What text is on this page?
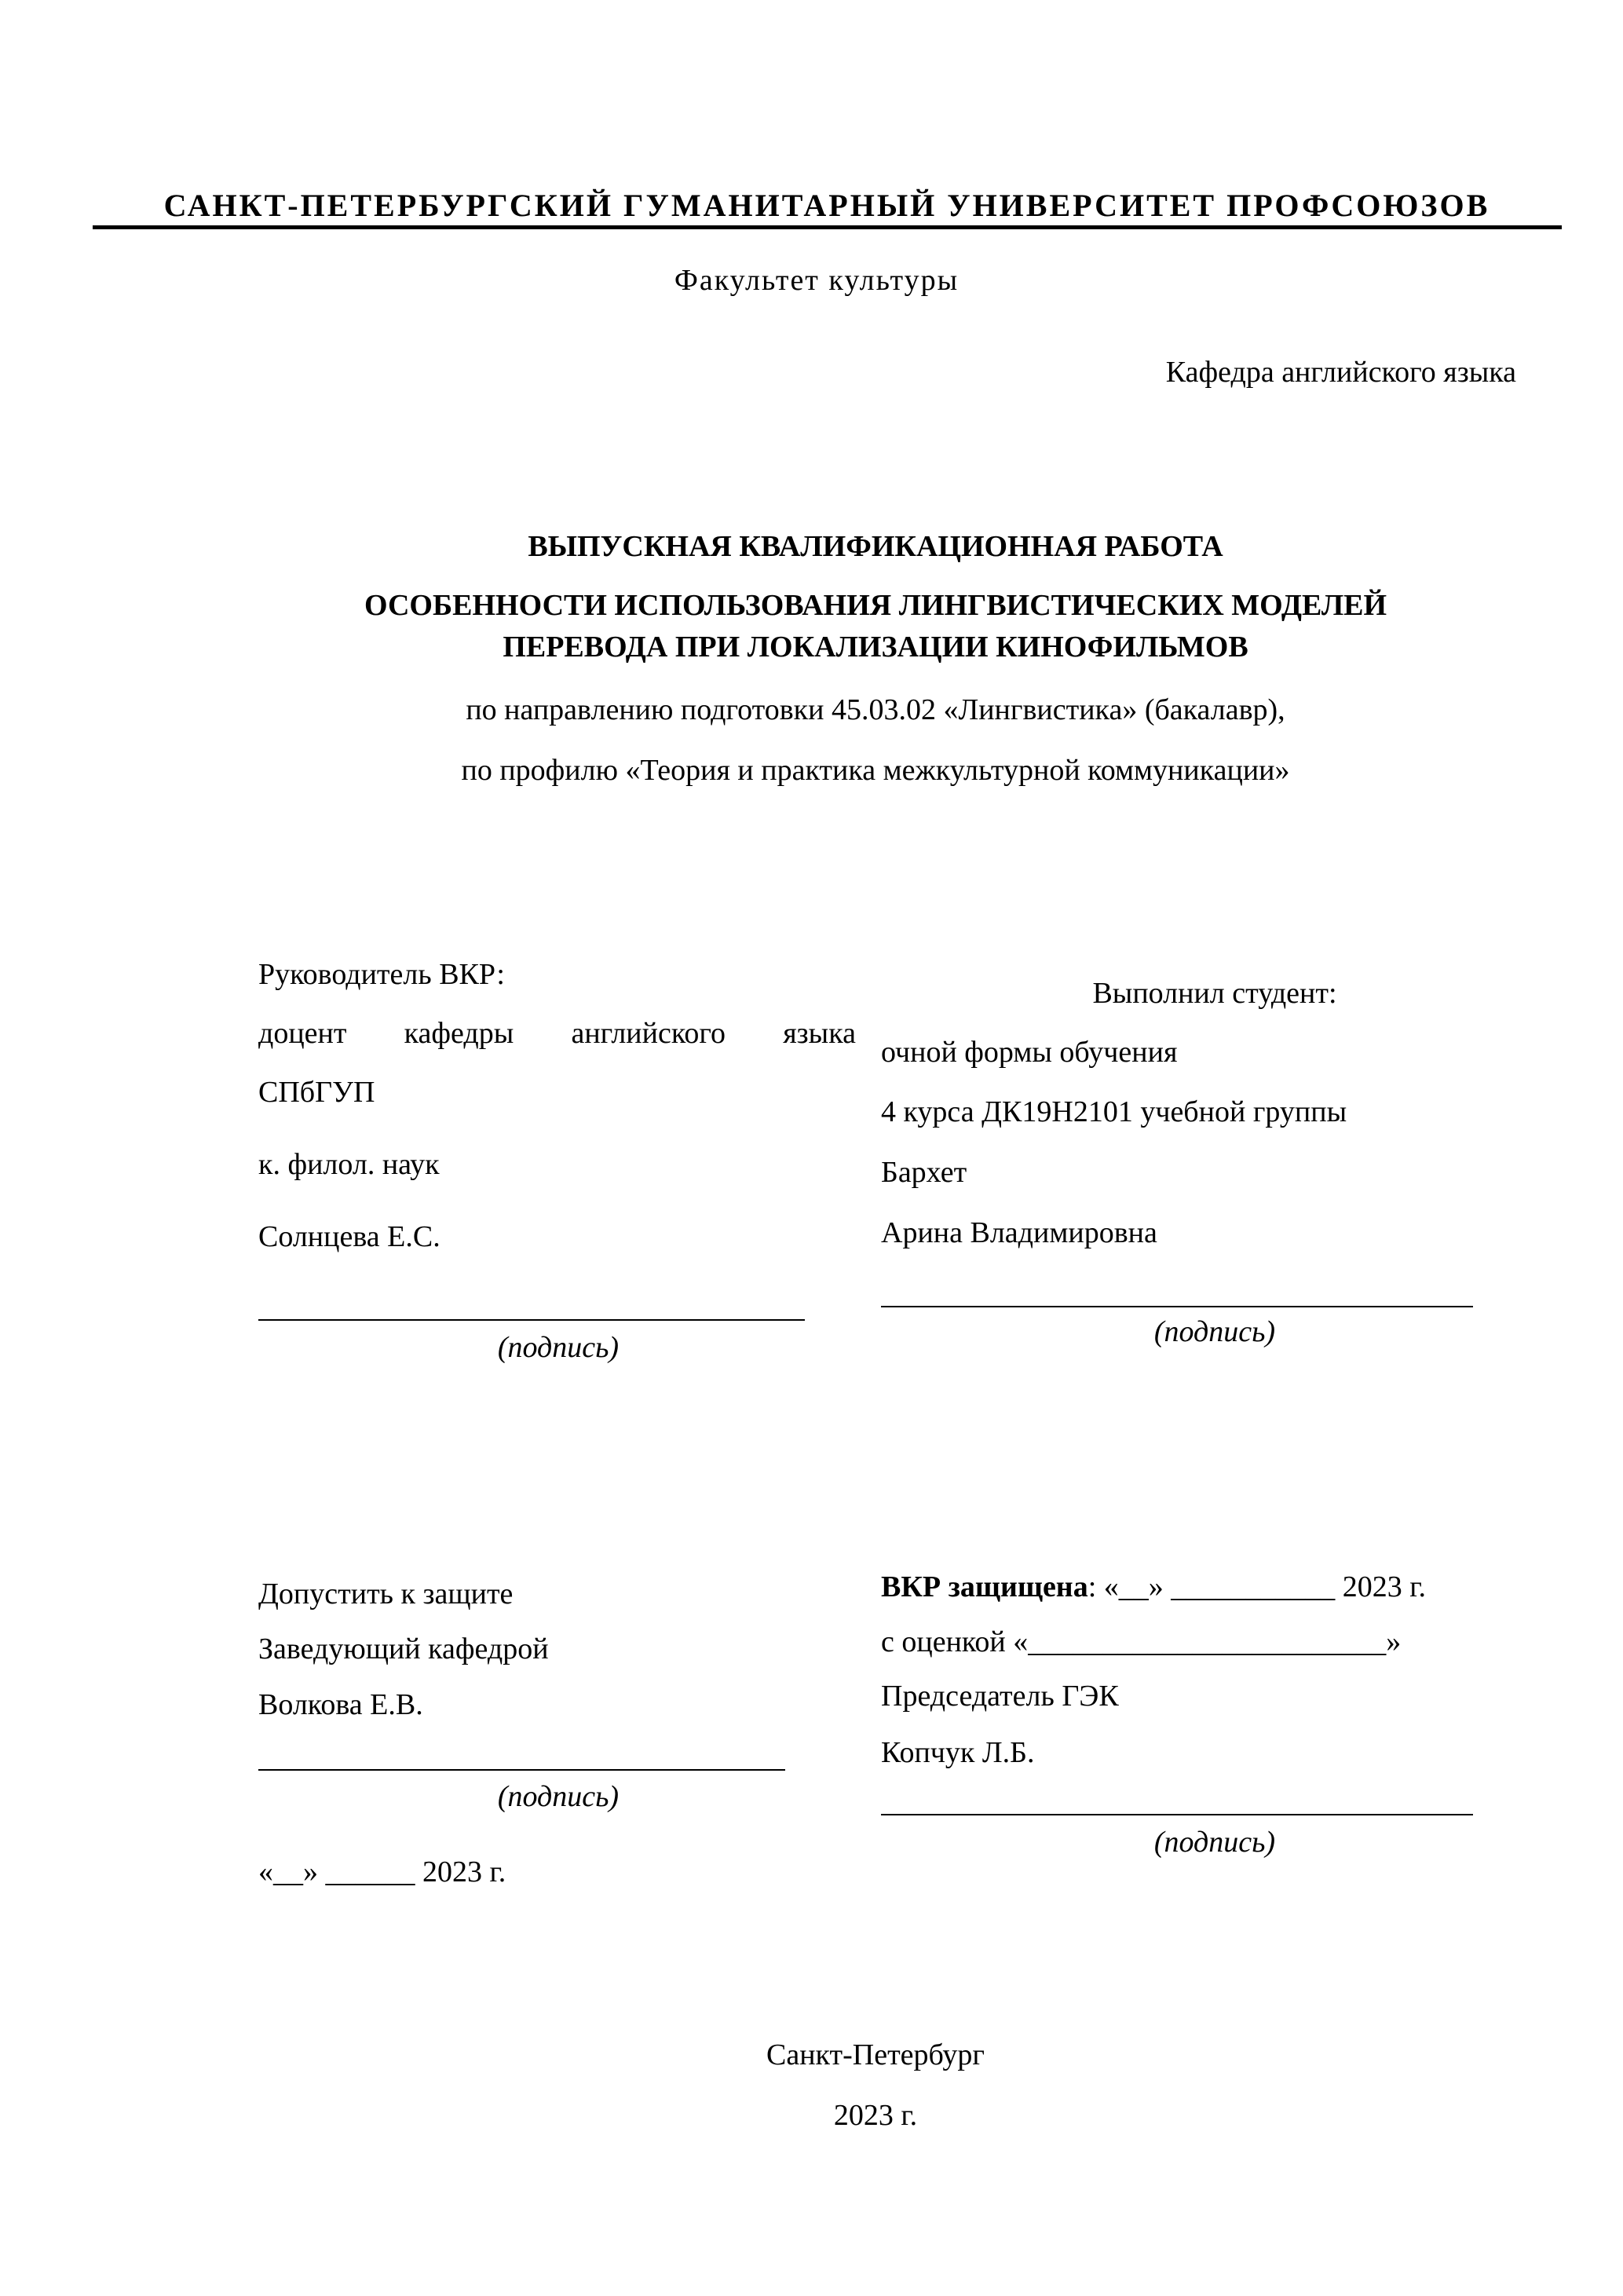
САНКТ-ПЕТЕРБУРГСКИЙ ГУМАНИТАРНЫЙ УНИВЕРСИТЕТ ПРОФСОЮЗОВ
Факультет культуры
Кафедра английского языка
ВЫПУСКНАЯ КВАЛИФИКАЦИОННАЯ РАБОТА
ОСОБЕННОСТИ ИСПОЛЬЗОВАНИЯ ЛИНГВИСТИЧЕСКИХ МОДЕЛЕЙ
ПЕРЕВОДА ПРИ ЛОКАЛИЗАЦИИ КИНОФИЛЬМОВ
по направлению подготовки 45.03.02 «Лингвистика» (бакалавр),
по профилю «Теория и практика межкультурной коммуникации»
Руководитель ВКР:
доцент кафедры английского языка
СПбГУП
к. филол. наук
Солнцева Е.С.
(подпись)
Выполнил студент:
очной формы обучения
4 курса ДК19Н2101 учебной группы
Бархет
Арина Владимировна
(подпись)
Допустить к защите
Заведующий кафедрой
Волкова Е.В.
(подпись)
«__» ______ 2023 г.
ВКР защищена: «__» ___________ 2023 г.
с оценкой «________________________»
Председатель ГЭК
Копчук Л.Б.
(подпись)
Санкт-Петербург
2023 г.
